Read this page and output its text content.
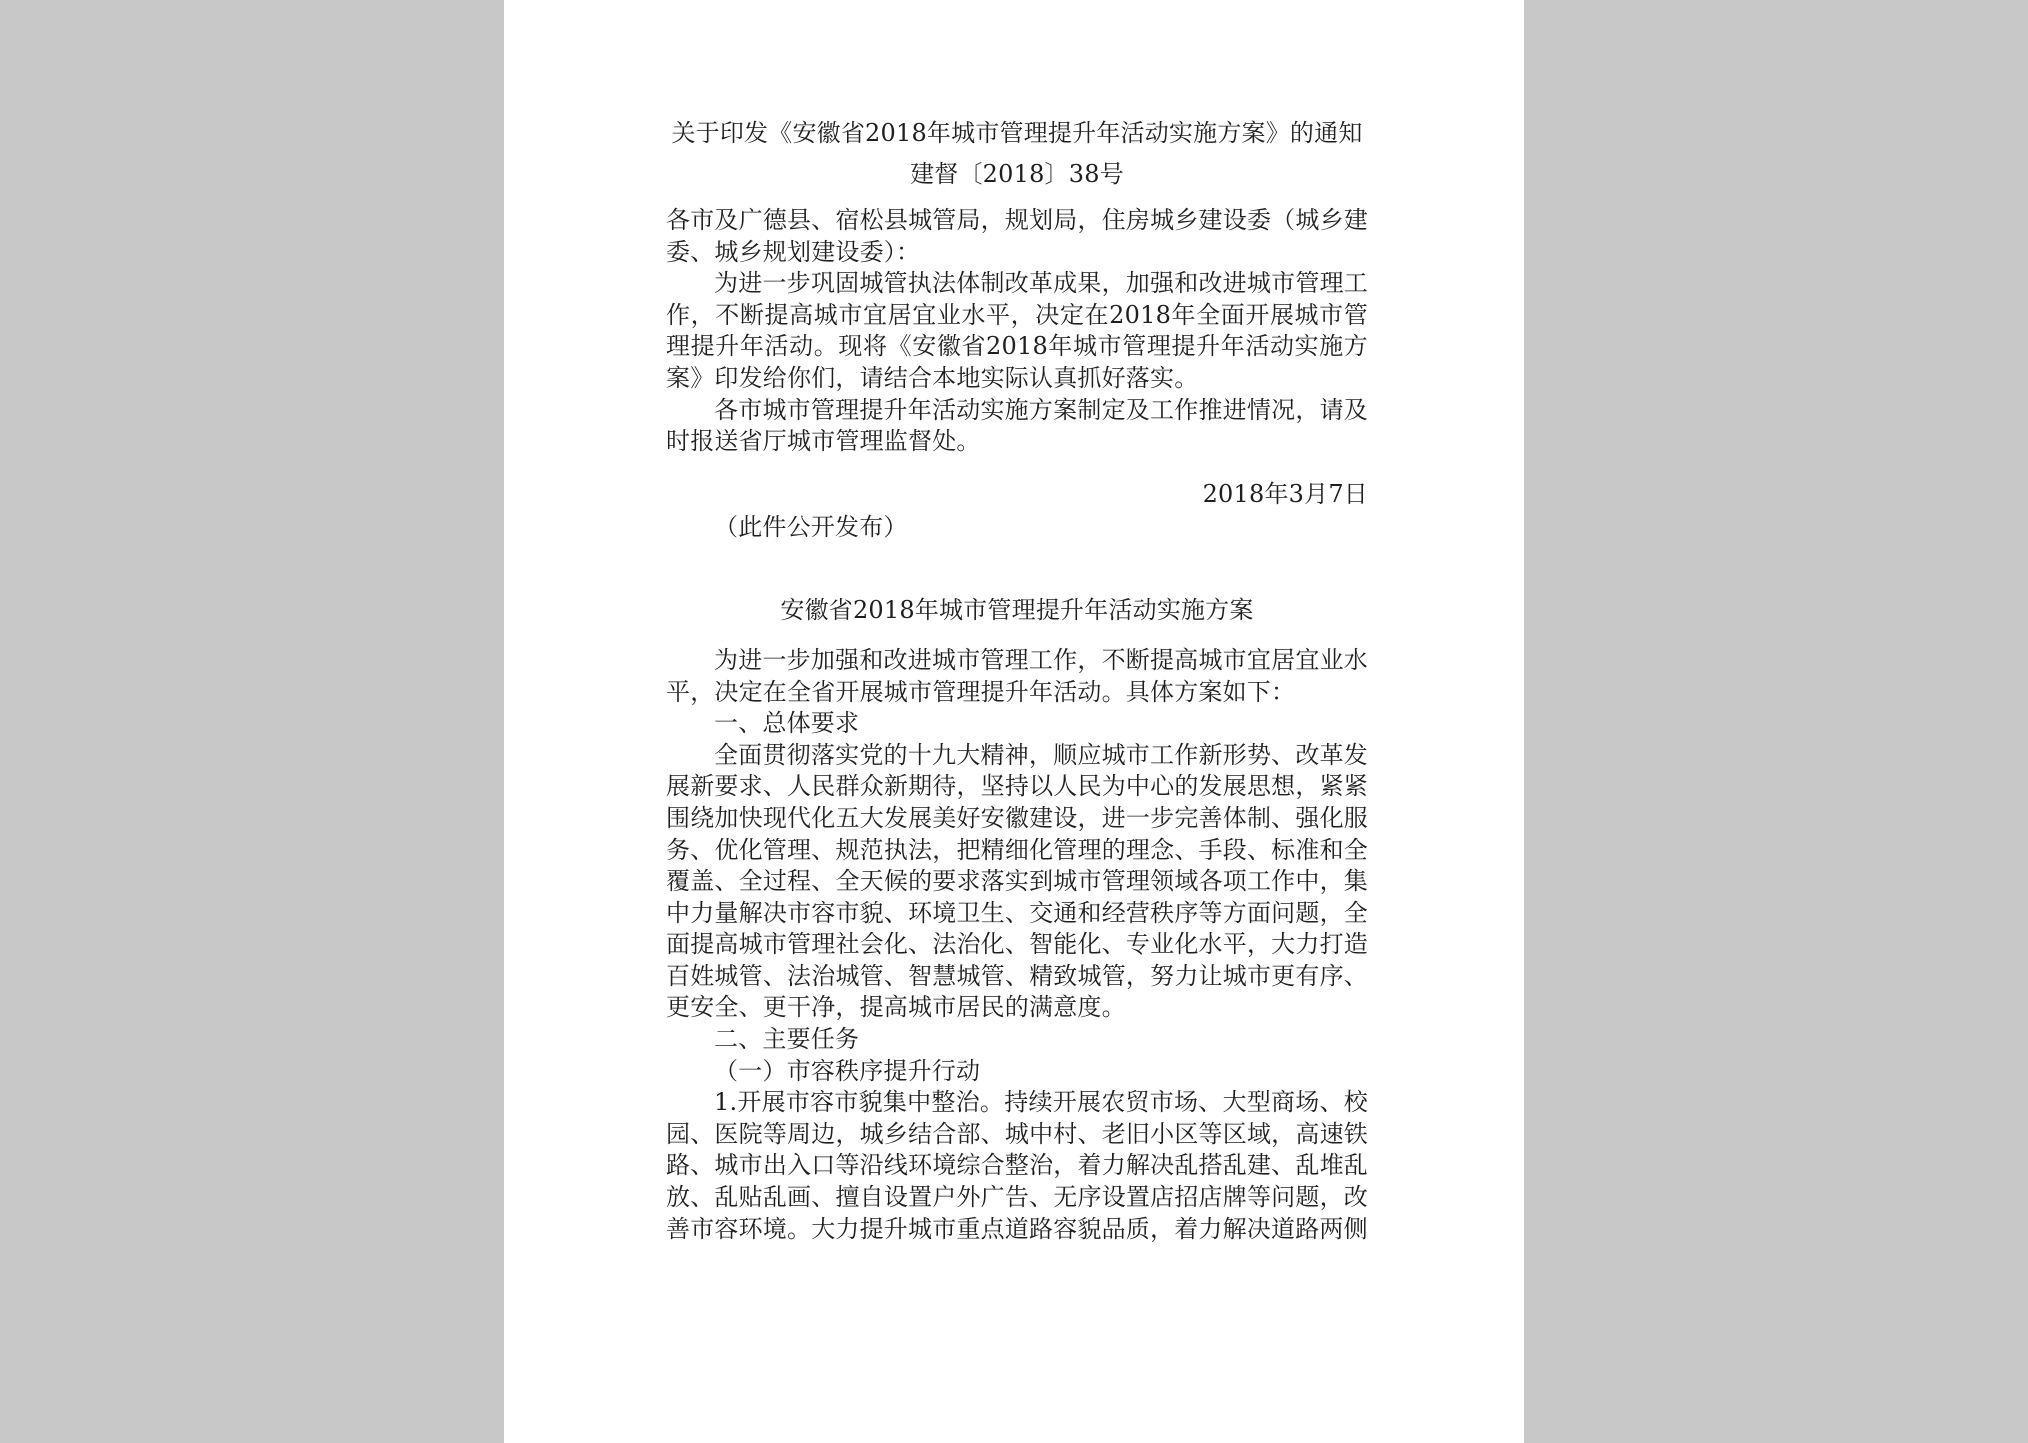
关于印发《安徽省2018年城市管理提升年活动实施方案》的通知
建督〔2018〕38号

各市及广德县、宿松县城管局，规划局，住房城乡建设委（城乡建委、城乡规划建设委）：

为进一步巩固城管执法体制改革成果，加强和改进城市管理工作，不断提高城市宜居宜业水平，决定在2018年全面开展城市管理提升年活动。现将《安徽省2018年城市管理提升年活动实施方案》印发给你们，请结合本地实际认真抓好落实。

各市城市管理提升年活动实施方案制定及工作推进情况，请及时报送省厅城市管理监督处。

2018年3月7日
（此件公开发布）
安徽省2018年城市管理提升年活动实施方案

为进一步加强和改进城市管理工作，不断提高城市宜居宜业水平，决定在全省开展城市管理提升年活动。具体方案如下：

一、总体要求

全面贯彻落实党的十九大精神，顺应城市工作新形势、改革发展新要求、人民群众新期待，坚持以人民为中心的发展思想，紧紧围绕加快现代化五大发展美好安徽建设，进一步完善体制、强化服务、优化管理、规范执法，把精细化管理的理念、手段、标准和全覆盖、全过程、全天候的要求落实到城市管理领域各项工作中，集中力量解决市容市貌、环境卫生、交通和经营秩序等方面问题，全面提高城市管理社会化、法治化、智能化、专业化水平，大力打造百姓城管、法治城管、智慧城管、精致城管，努力让城市更有序、更安全、更干净，提高城市居民的满意度。

二、主要任务

（一）市容秩序提升行动

1.开展市容市貌集中整治。持续开展农贸市场、大型商场、校园、医院等周边，城乡结合部、城中村、老旧小区等区域，高速铁路、城市出入口等沿线环境综合整治，着力解决乱搭乱建、乱堆乱放、乱贴乱画、擅自设置户外广告、无序设置店招店牌等问题，改善市容环境。大力提升城市重点道路容貌品质，着力解决道路两侧
